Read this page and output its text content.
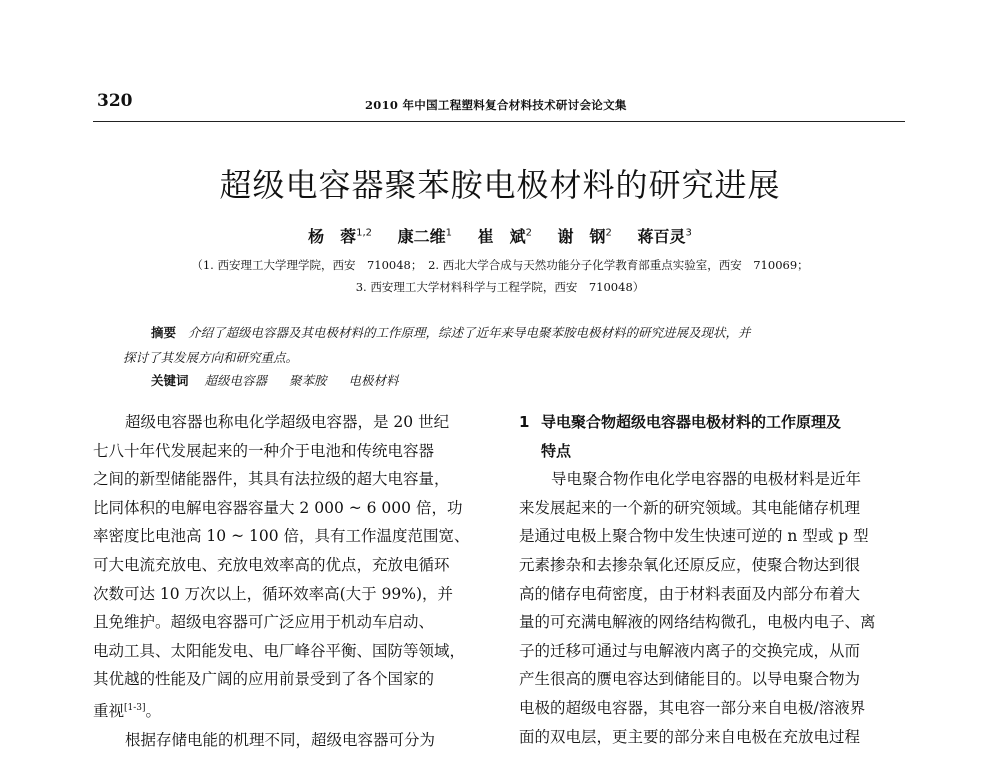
320	2010 年中国工程塑料复合材料技术研讨会论文集
超级电容器聚苯胺电极材料的研究进展
杨　蓉$^{1,2}$ 康二维$^1$ 崔　斌$^2$ 谢　钢$^2$ 蒋百灵$^3$
（1. 西安理工大学理学院，西安　710048；　2. 西北大学合成与天然功能分子化学教育部重点实验室，西安　710069；
3. 西安理工大学材料科学与工程学院，西安　710048）
摘要 介绍了超级电容器及其电极材料的工作原理，综述了近年来导电聚苯胺电极材料的研究进展及现状，并
探讨了其发展方向和研究重点。
关键词 超级电容器 聚苯胺 电极材料

超级电容器也称电化学超级电容器，是 20 世纪

七八十年代发展起来的一种介于电池和传统电容器

之间的新型储能器件，其具有法拉级的超大电容量，

比同体积的电解电容器容量大 2 000 ~ 6 000 倍，功

率密度比电池高 10 ~ 100 倍，具有工作温度范围宽、

可大电流充放电、充放电效率高的优点，充放电循环

次数可达 10 万次以上，循环效率高(大于 99%)，并

且免维护。超级电容器可广泛应用于机动车启动、

电动工具、太阳能发电、电厂峰谷平衡、国防等领域，

其优越的性能及广阔的应用前景受到了各个国家的

重视[1-3]。

根据存储电能的机理不同，超级电容器可分为

1 导电聚合物超级电容器电极材料的工作原理及

特点

导电聚合物作电化学电容器的电极材料是近年

来发展起来的一个新的研究领域。其电能储存机理

是通过电极上聚合物中发生快速可逆的 n 型或 p 型

元素掺杂和去掺杂氧化还原反应，使聚合物达到很

高的储存电荷密度，由于材料表面及内部分布着大

量的可充满电解液的网络结构微孔，电极内电子、离

子的迁移可通过与电解液内离子的交换完成，从而

产生很高的赝电容达到储能目的。以导电聚合物为

电极的超级电容器，其电容一部分来自电极/溶液界

面的双电层，更主要的部分来自电极在充放电过程
